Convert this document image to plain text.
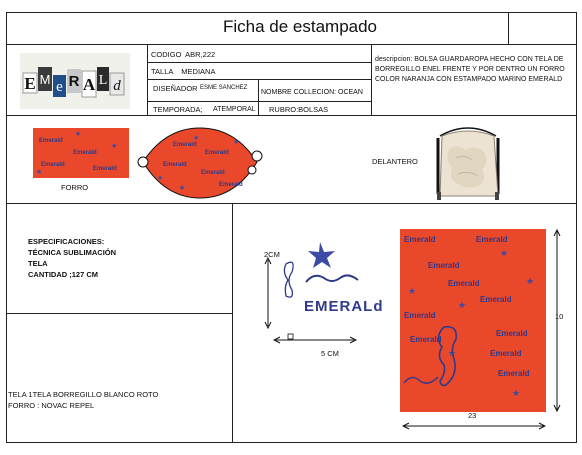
Ficha de estampado
E M e R A L d
CODIGO  ABR,222
TALLA    MEDIANA
DISEÑADOR ESME SANCHEZ
NOMBRE COLLECION: OCEAN
TEMPORADA; ATEMPORAL RUBRO:BOLSAS
descripcion: BOLSA GUARDAROPA HECHO CON TELA DE BORREGILLO ENEL FRENTE Y POR DENTRO UN FORRO COLOR NARANJA CON ESTAMPADO MARINO EMERALD
Emerald
Emerald
Emerald
Emerald
★
★
★
FORRO
Emerald
Emerald
Emerald
Emerald
Emerald
★
★
★
★
DELANTERO
ESPECIFICACIONES:
TÉCNICA SUBLIMACIÓN
TELA
CANTIDAD ;127 CM
TELA 1TELA BORREGILLO BLANCO ROTO
FORRO : NOVAC REPEL
EMERALd
2CM
5 CM
Emerald	Emerald
Emerald
Emerald
Emerald
Emerald
Emerald
Emerald
Emerald
Emerald
★
★
★
★
★
★
10
23
